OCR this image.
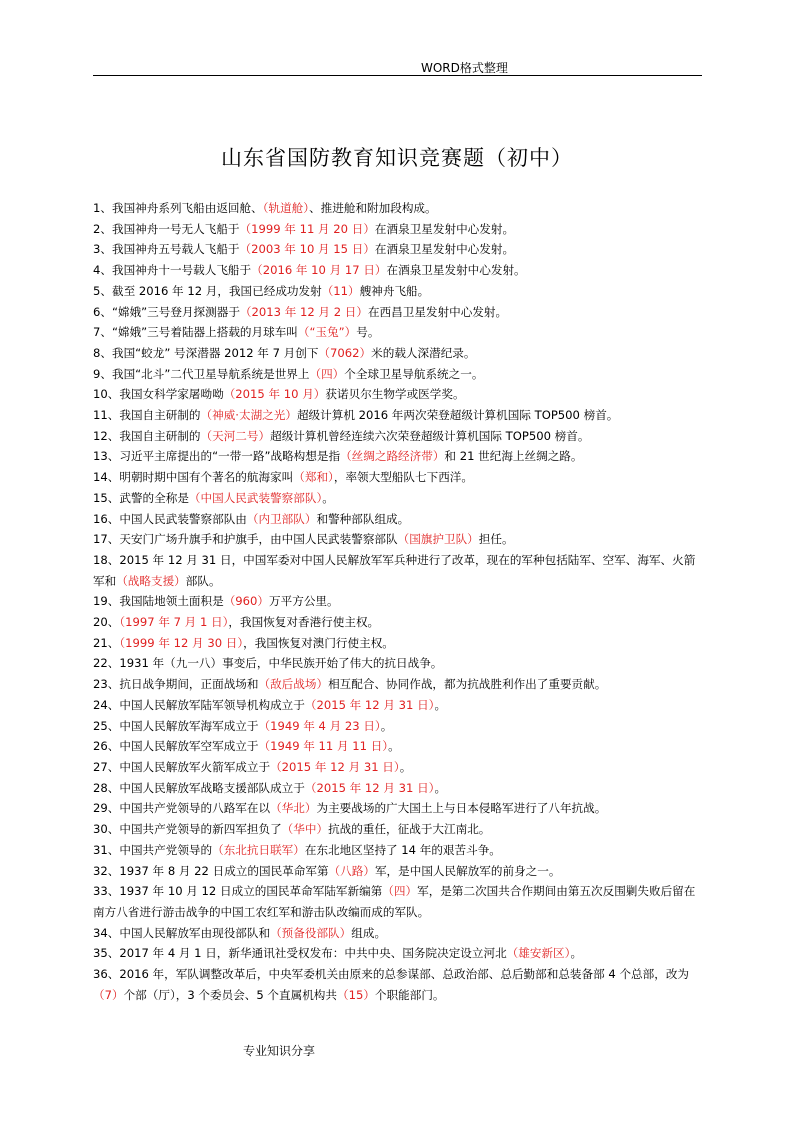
WORD格式整理
山东省国防教育知识竞赛题（初中）
1、我国神舟系列飞船由返回舱、（轨道舱）、推进舱和附加段构成。
2、我国神舟一号无人飞船于（1999 年 11 月 20 日）在酒泉卫星发射中心发射。
3、我国神舟五号载人飞船于（2003 年 10 月 15 日）在酒泉卫星发射中心发射。
4、我国神舟十一号载人飞船于（2016 年 10 月 17 日）在酒泉卫星发射中心发射。
5、截至 2016 年 12 月，我国已经成功发射（11）艘神舟飞船。
6、“嫦娥”三号登月探测器于（2013 年 12 月 2 日）在西昌卫星发射中心发射。
7、“嫦娥”三号着陆器上搭载的月球车叫（“玉兔”）号。
8、我国“蛟龙” 号深潜器 2012 年 7 月创下（7062）米的载人深潜纪录。
9、我国“北斗”二代卫星导航系统是世界上（四）个全球卫星导航系统之一。
10、我国女科学家屠呦呦（2015 年 10 月）获诺贝尔生物学或医学奖。
11、我国自主研制的（神威·太湖之光）超级计算机 2016 年两次荣登超级计算机国际 TOP500 榜首。
12、我国自主研制的（天河二号）超级计算机曾经连续六次荣登超级计算机国际 TOP500 榜首。
13、习近平主席提出的“一带一路”战略构想是指（丝绸之路经济带）和 21 世纪海上丝绸之路。
14、明朝时期中国有个著名的航海家叫（郑和），率领大型船队七下西洋。
15、武警的全称是（中国人民武装警察部队）。
16、中国人民武装警察部队由（内卫部队）和警种部队组成。
17、天安门广场升旗手和护旗手，由中国人民武装警察部队（国旗护卫队）担任。
18、2015 年 12 月 31 日，中国军委对中国人民解放军军兵种进行了改革，现在的军种包括陆军、空军、海军、火箭军和（战略支援）部队。
19、我国陆地领土面积是（960）万平方公里。
20、（1997 年 7 月 1 日），我国恢复对香港行使主权。
21、（1999 年 12 月 30 日），我国恢复对澳门行使主权。
22、1931 年（九一八）事变后，中华民族开始了伟大的抗日战争。
23、抗日战争期间，正面战场和（敌后战场）相互配合、协同作战，都为抗战胜利作出了重要贡献。
24、中国人民解放军陆军领导机构成立于（2015 年 12 月 31 日）。
25、中国人民解放军海军成立于（1949 年 4 月 23 日）。
26、中国人民解放军空军成立于（1949 年 11 月 11 日）。
27、中国人民解放军火箭军成立于（2015 年 12 月 31 日）。
28、中国人民解放军战略支援部队成立于（2015 年 12 月 31 日）。
29、中国共产党领导的八路军在以（华北）为主要战场的广大国土上与日本侵略军进行了八年抗战。
30、中国共产党领导的新四军担负了（华中）抗战的重任，征战于大江南北。
31、中国共产党领导的（东北抗日联军）在东北地区坚持了 14 年的艰苦斗争。
32、1937 年 8 月 22 日成立的国民革命军第（八路）军，是中国人民解放军的前身之一。
33、1937 年 10 月 12 日成立的国民革命军陆军新编第（四）军，是第二次国共合作期间由第五次反围剿失败后留在南方八省进行游击战争的中国工农红军和游击队改编而成的军队。
34、中国人民解放军由现役部队和（预备役部队）组成。
35、2017 年 4 月 1 日，新华通讯社受权发布：中共中央、国务院决定设立河北（雄安新区）。
36、2016 年，军队调整改革后，中央军委机关由原来的总参谋部、总政治部、总后勤部和总装备部 4 个总部，改为（7）个部（厅），3 个委员会、5 个直属机构共（15）个职能部门。
专业知识分享
